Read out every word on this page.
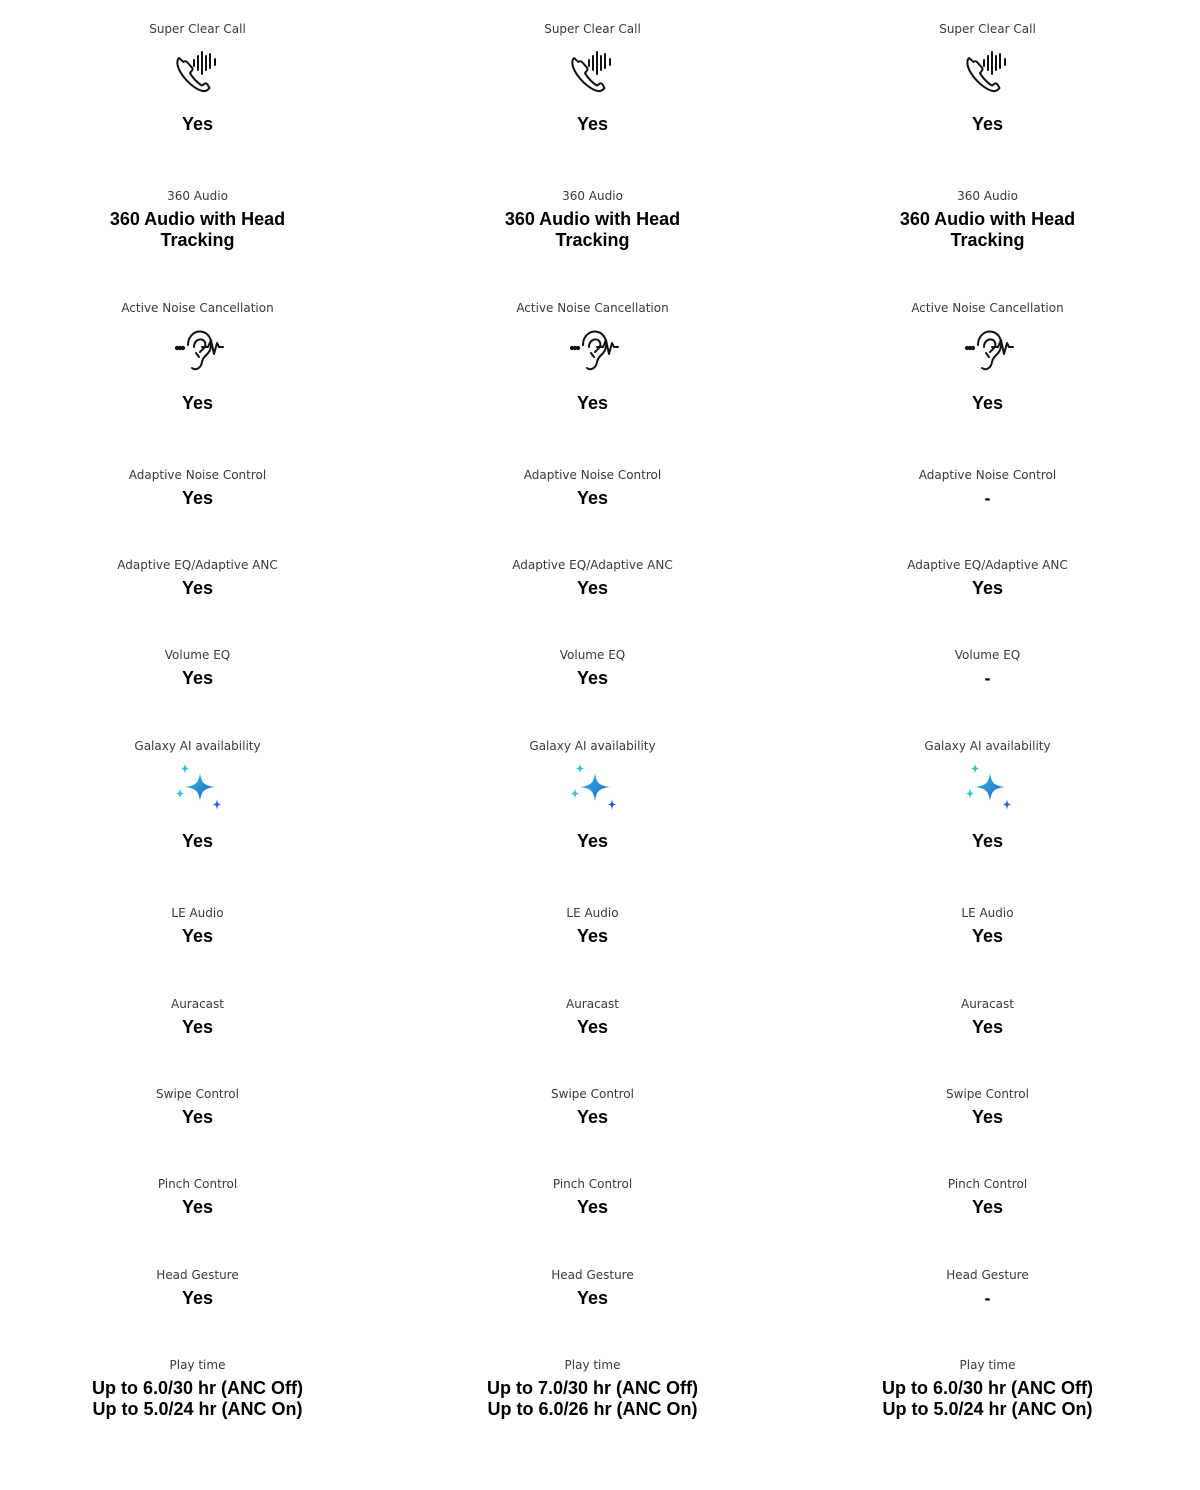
Super Clear Call
Yes
360 Audio
360 Audio with Head
Tracking
Active Noise Cancellation
Yes
Adaptive Noise Control
Yes
Adaptive EQ/Adaptive ANC
Yes
Volume EQ
Yes
Galaxy AI availability
Yes
LE Audio
Yes
Auracast
Yes
Swipe Control
Yes
Pinch Control
Yes
Head Gesture
Yes
Play time
Up to 6.0/30 hr (ANC Off)
Up to 5.0/24 hr (ANC On)
Super Clear Call
Yes
360 Audio
360 Audio with Head
Tracking
Active Noise Cancellation
Yes
Adaptive Noise Control
Yes
Adaptive EQ/Adaptive ANC
Yes
Volume EQ
Yes
Galaxy AI availability
Yes
LE Audio
Yes
Auracast
Yes
Swipe Control
Yes
Pinch Control
Yes
Head Gesture
Yes
Play time
Up to 7.0/30 hr (ANC Off)
Up to 6.0/26 hr (ANC On)
Super Clear Call
Yes
360 Audio
360 Audio with Head
Tracking
Active Noise Cancellation
Yes
Adaptive Noise Control
-
Adaptive EQ/Adaptive ANC
Yes
Volume EQ
-
Galaxy AI availability
Yes
LE Audio
Yes
Auracast
Yes
Swipe Control
Yes
Pinch Control
Yes
Head Gesture
-
Play time
Up to 6.0/30 hr (ANC Off)
Up to 5.0/24 hr (ANC On)
